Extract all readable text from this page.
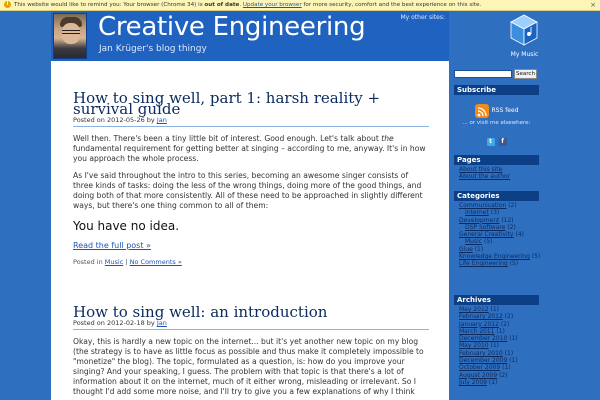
i This website would like to remind you: Your browser (Chrome 34) is out of date. Update your browser for more security, comfort and the best experience on this site.	×
Creative Engineering
Jan Krüger's blog thingy
My other sites:
My Music
How to sing well, part 1: harsh reality + survival guide
Posted on 2012-05-26 by Jan

Well then. There's been a tiny little bit of interest. Good enough. Let's talk about the fundamental requirement for getting better at singing – according to me, anyway. It's in how you approach the whole process.

As I've said throughout the intro to this series, becoming an awesome singer consists of three kinds of tasks: doing the less of the wrong things, doing more of the good things, and doing both of that more consistently. All of these need to be approached in slightly different ways, but there's one thing common to all of them:

You have no idea.

Read the full post »
Posted in Music | No Comments »
How to sing well: an introduction
Posted on 2012-02-18 by Jan

Okay, this is hardly a new topic on the internet... but it's yet another new topic on my blog (the strategy is to have as little focus as possible and thus make it completely impossible to "monetize" the blog). The topic, formulated as a question, is: how do you improve your singing? And your speaking, I guess. The problem with that topic is that there's a lot of information about it on the internet, much of it either wrong, misleading or irrelevant. So I thought I'd add some more noise, and I'll try to give you a few explanations of why I think

Search
Subscribe
RSS feed
... or visit me elsewhere:
t f
Pages
About this site
About the author
Categories
Communication (2)
Internet (3)
Development (12)
DSP Software (2)
General Creativity (4)
Music (5)
Glue (1)
Knowledge Engineering (5)
Life Engineering (5)
Archives
May 2012 (1)
February 2012 (2)
January 2012 (2)
March 2011 (1)
December 2010 (1)
May 2010 (1)
February 2010 (1)
December 2009 (1)
October 2009 (1)
August 2009 (2)
July 2009 (1)
